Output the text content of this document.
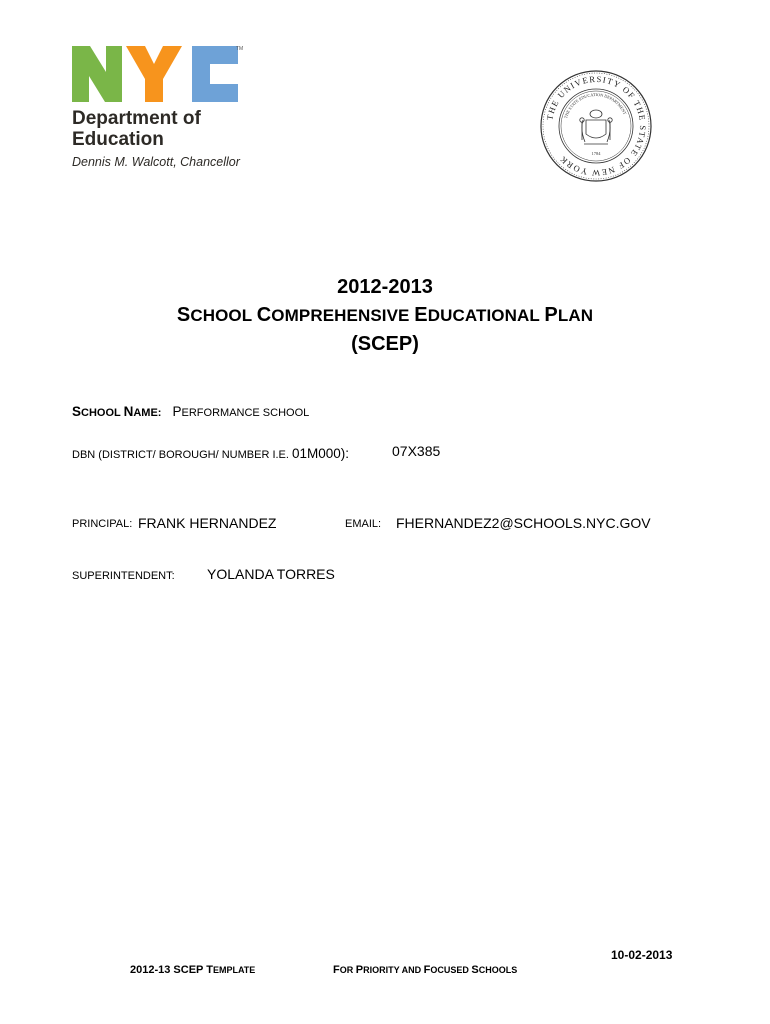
TM
Department of
Education
Dennis M. Walcott, Chancellor
THE UNIVERSITY OF THE STATE OF NEW YORK
THE STATE EDUCATION DEPARTMENT
1784
2012-2013
SCHOOL COMPREHENSIVE EDUCATIONAL PLAN
(SCEP)
SCHOOL NAME: PERFORMANCE SCHOOL
DBN (DISTRICT/ BOROUGH/ NUMBER I.E. 01M000):	07X385
PRINCIPAL: FRANK HERNANDEZ	EMAIL: FHERNANDEZ2@SCHOOLS.NYC.GOV
SUPERINTENDENT: YOLANDA TORRES
10-02-2013
2012-13 SCEP TEMPLATE	FOR PRIORITY AND FOCUSED SCHOOLS
